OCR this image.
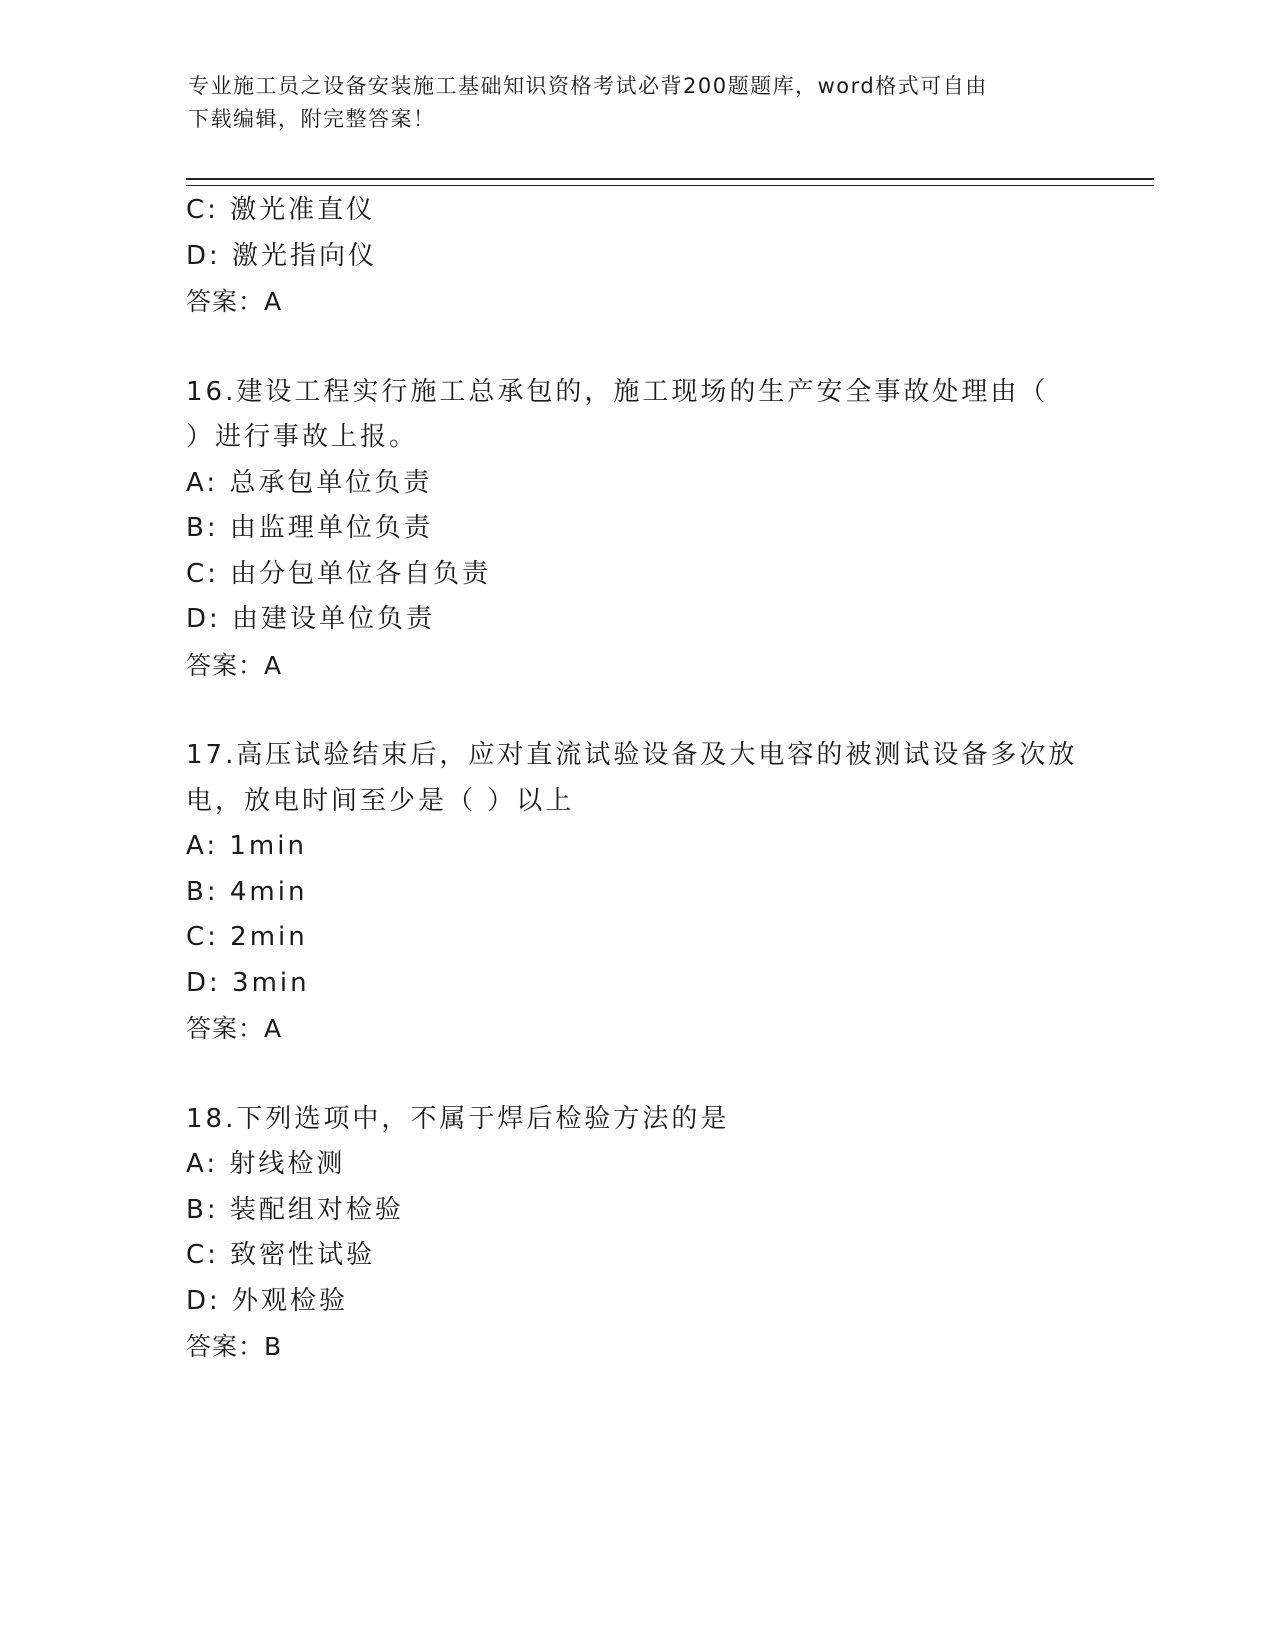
专业施工员之设备安装施工基础知识资格考试必背200题题库，word格式可自由
下载编辑，附完整答案！
C: 激光准直仪
D: 激光指向仪
答案：A
16.建设工程实行施工总承包的，施工现场的生产安全事故处理由（
）进行事故上报。
A: 总承包单位负责
B: 由监理单位负责
C: 由分包单位各自负责
D: 由建设单位负责
答案：A
17.高压试验结束后，应对直流试验设备及大电容的被测试设备多次放
电，放电时间至少是（ ）以上
A: 1min
B: 4min
C: 2min
D: 3min
答案：A
18.下列选项中，不属于焊后检验方法的是
A: 射线检测
B: 装配组对检验
C: 致密性试验
D: 外观检验
答案：B
